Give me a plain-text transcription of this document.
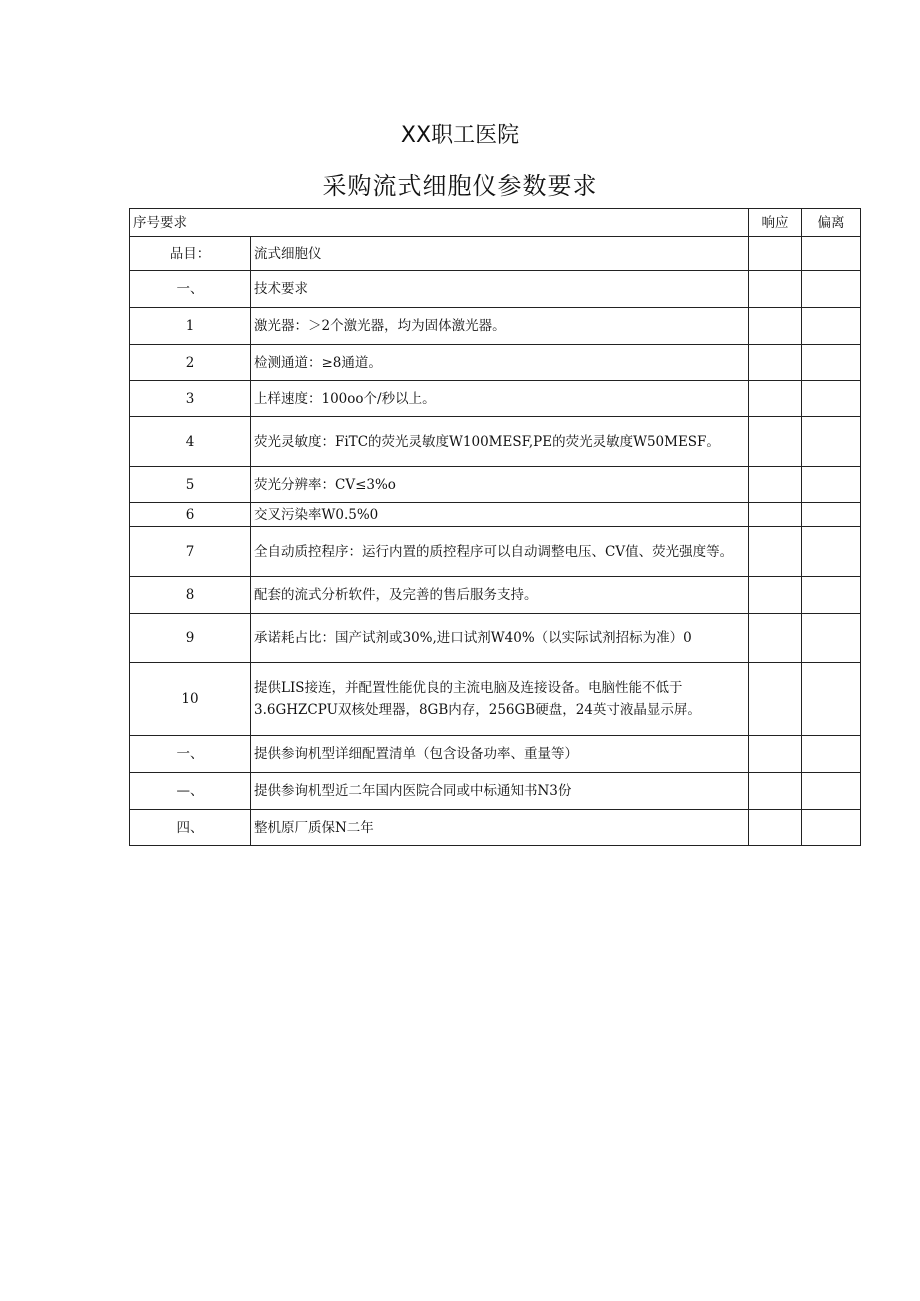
XX职工医院
采购流式细胞仪参数要求
序号要求		响应	偏离
品目：	流式细胞仪		
一、	技术要求		
1	激光器：＞2个激光器，均为固体激光器。		
2	检测通道：≥8通道。		
3	上样速度：100oo个/秒以上。		
4	荧光灵敏度：FiTC的荧光灵敏度W100MESF,PE的荧光灵敏度W50MESF。		
5	荧光分辨率：CV≤3%o		
6	交叉污染率W0.5%0		
7	全自动质控程序：运行内置的质控程序可以自动调整电压、CV值、荧光强度等。		
8	配套的流式分析软件，及完善的售后服务支持。		
9	承诺耗占比：国产试剂或30%,进口试剂W40%（以实际试剂招标为准）0		
10	提供LIS接连，并配置性能优良的主流电脑及连接设备。电脑性能不低于3.6GHZCPU双核处理器，8GB内存，256GB硬盘，24英寸液晶显示屏。		
一、	提供参询机型详细配置清单（包含设备功率、重量等）		
—、	提供参询机型近二年国内医院合同或中标通知书N3份		
四、	整机原厂质保N二年		
